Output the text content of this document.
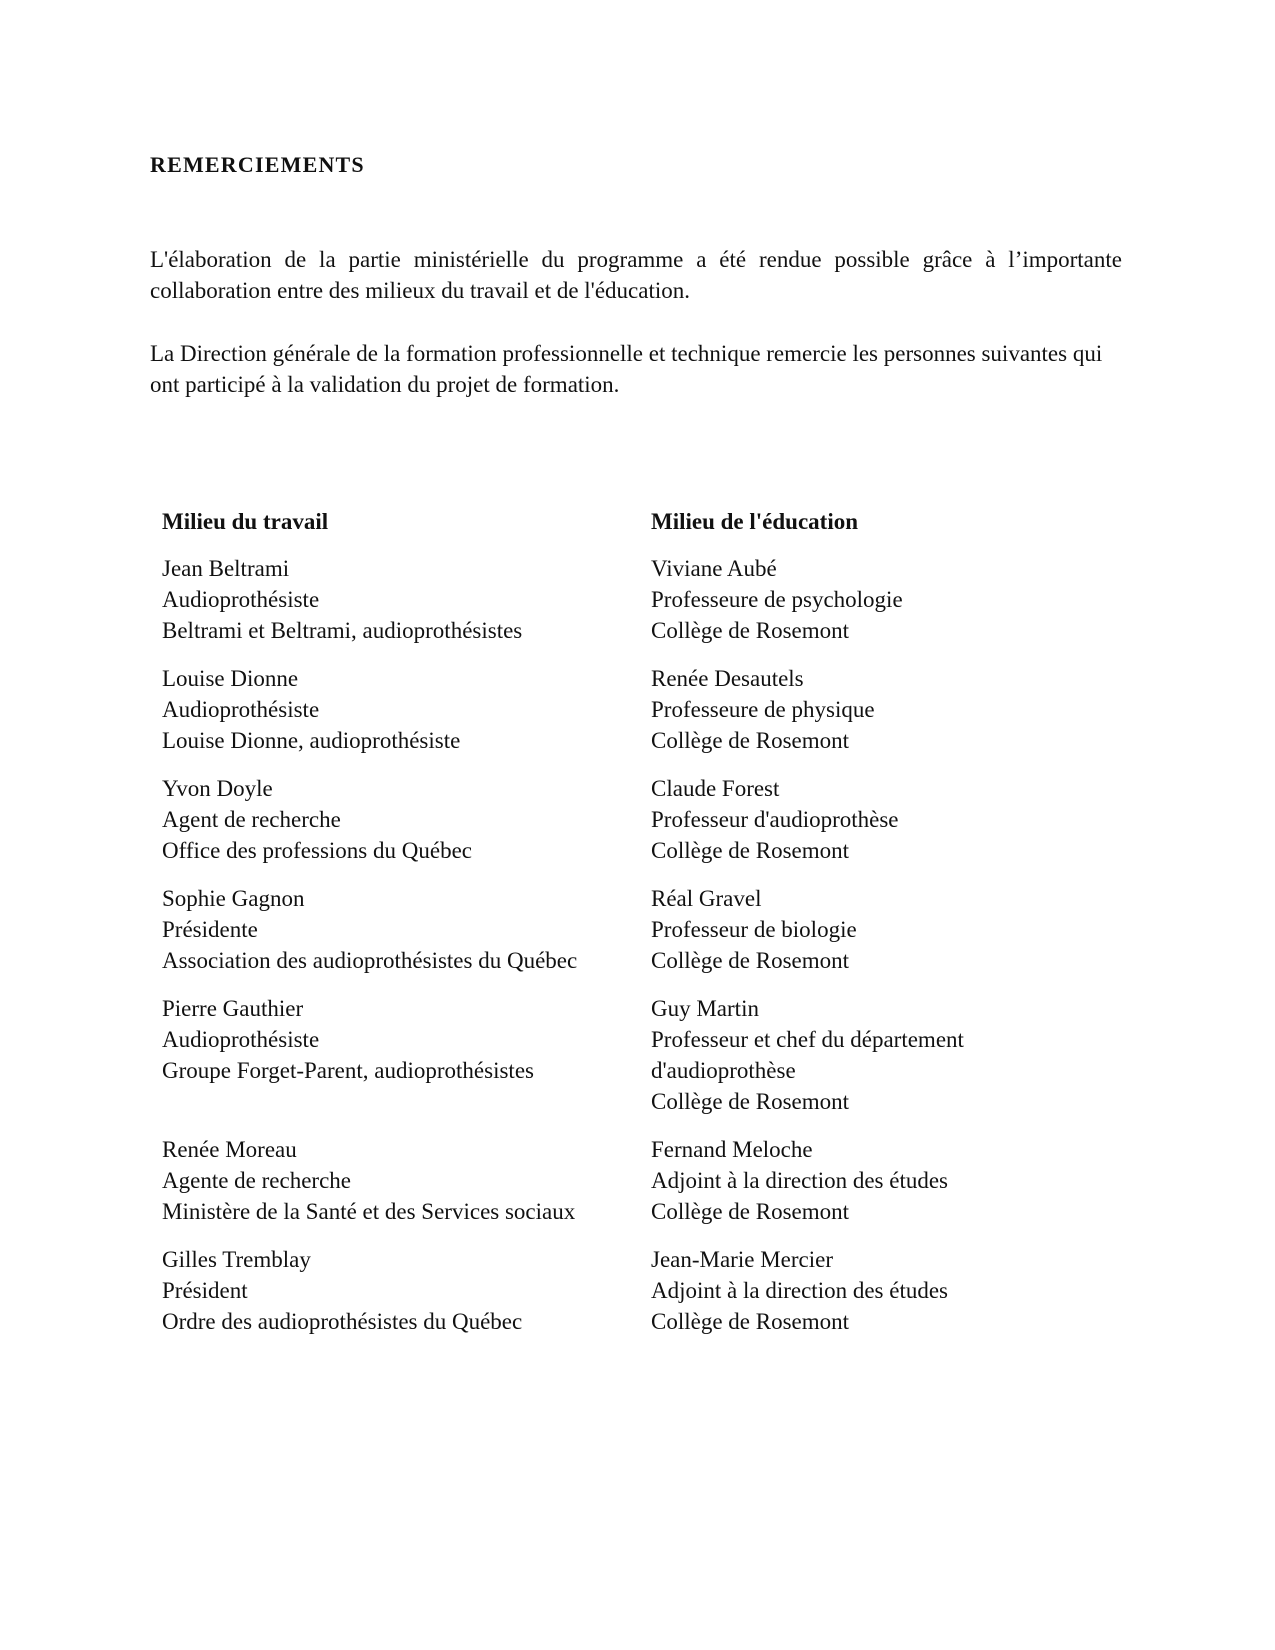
REMERCIEMENTS
L'élaboration de la partie ministérielle du programme a été rendue possible grâce à l’importante collaboration entre des milieux du travail et de l'éducation.
La Direction générale de la formation professionnelle et technique remercie les personnes suivantes qui ont participé à la validation du projet de formation.
Milieu du travail
Jean Beltrami
Audioprothésiste
Beltrami et Beltrami, audioprothésistes
Louise Dionne
Audioprothésiste
Louise Dionne, audioprothésiste
Yvon Doyle
Agent de recherche
Office des professions du Québec
Sophie Gagnon
Présidente
Association des audioprothésistes du Québec
Pierre Gauthier
Audioprothésiste
Groupe Forget-Parent, audioprothésistes
Renée Moreau
Agente de recherche
Ministère de la Santé et des Services sociaux
Gilles Tremblay
Président
Ordre des audioprothésistes du Québec
Milieu de l'éducation
Viviane Aubé
Professeure de psychologie
Collège de Rosemont
Renée Desautels
Professeure de physique
Collège de Rosemont
Claude Forest
Professeur d'audioprothèse
Collège de Rosemont
Réal Gravel
Professeur de biologie
Collège de Rosemont
Guy Martin
Professeur et chef du département
d'audioprothèse
Collège de Rosemont
Fernand Meloche
Adjoint à la direction des études
Collège de Rosemont
Jean-Marie Mercier
Adjoint à la direction des études
Collège de Rosemont
